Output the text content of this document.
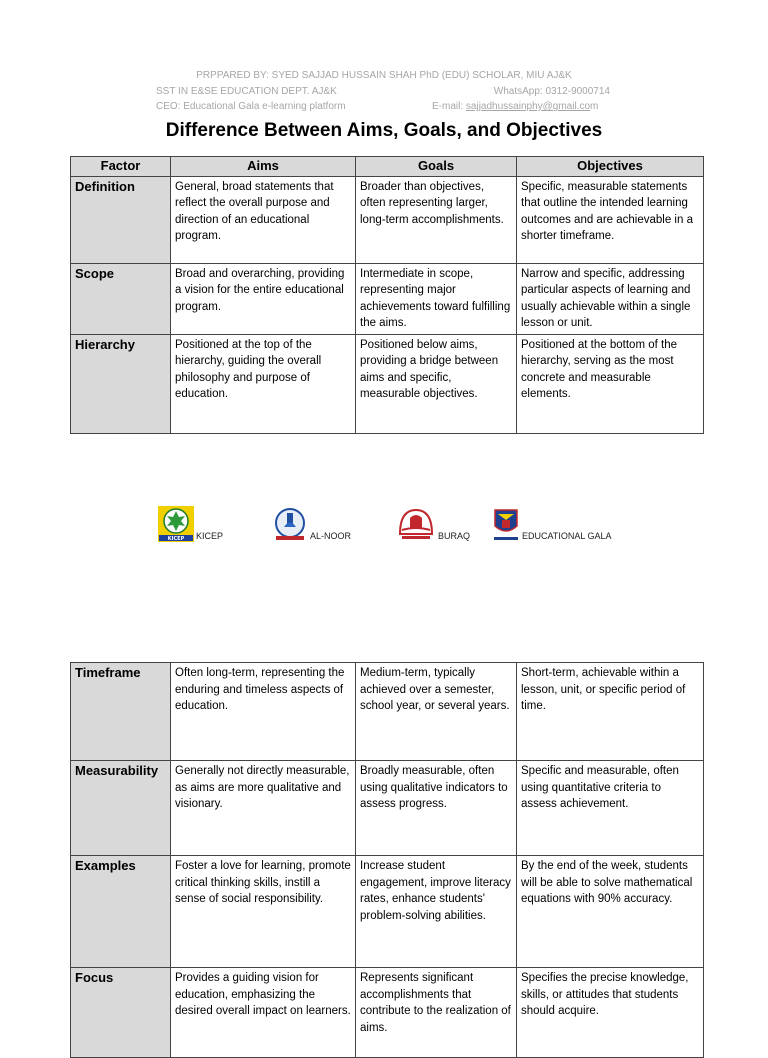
PRPPARED BY: SYED SAJJAD HUSSAIN SHAH PhD (EDU) SCHOLAR, MIU AJ&K
SST IN E&SE EDUCATION DEPT. AJ&K	WhatsApp: 0312-9000714
CEO: Educational Gala e-learning platform	E-mail: sajjadhussainphy@gmail.com
Difference Between Aims, Goals, and Objectives
Factor	Aims	Goals	Objectives
Definition	General, broad statements that reflect the overall purpose and direction of an educational program.	Broader than objectives, often representing larger, long-term accomplishments.	Specific, measurable statements that outline the intended learning outcomes and are achievable in a shorter timeframe.
Scope	Broad and overarching, providing a vision for the entire educational program.	Intermediate in scope, representing major achievements toward fulfilling the aims.	Narrow and specific, addressing particular aspects of learning and usually achievable within a single lesson or unit.
Hierarchy	Positioned at the top of the hierarchy, guiding the overall philosophy and purpose of education.	Positioned below aims, providing a bridge between aims and specific, measurable objectives.	Positioned at the bottom of the hierarchy, serving as the most concrete and measurable elements.
KICEP KICEP	AL-NOOR	BURAQ	EDUCATIONAL GALA
Timeframe	Often long-term, representing the enduring and timeless aspects of education.	Medium-term, typically achieved over a semester, school year, or several years.	Short-term, achievable within a lesson, unit, or specific period of time.
Measurability	Generally not directly measurable, as aims are more qualitative and visionary.	Broadly measurable, often using qualitative indicators to assess progress.	Specific and measurable, often using quantitative criteria to assess achievement.
Examples	Foster a love for learning, promote critical thinking skills, instill a sense of social responsibility.	Increase student engagement, improve literacy rates, enhance students' problem-solving abilities.	By the end of the week, students will be able to solve mathematical equations with 90% accuracy.
Focus	Provides a guiding vision for education, emphasizing the desired overall impact on learners.	Represents significant accomplishments that contribute to the realization of aims.	Specifies the precise knowledge, skills, or attitudes that students should acquire.
